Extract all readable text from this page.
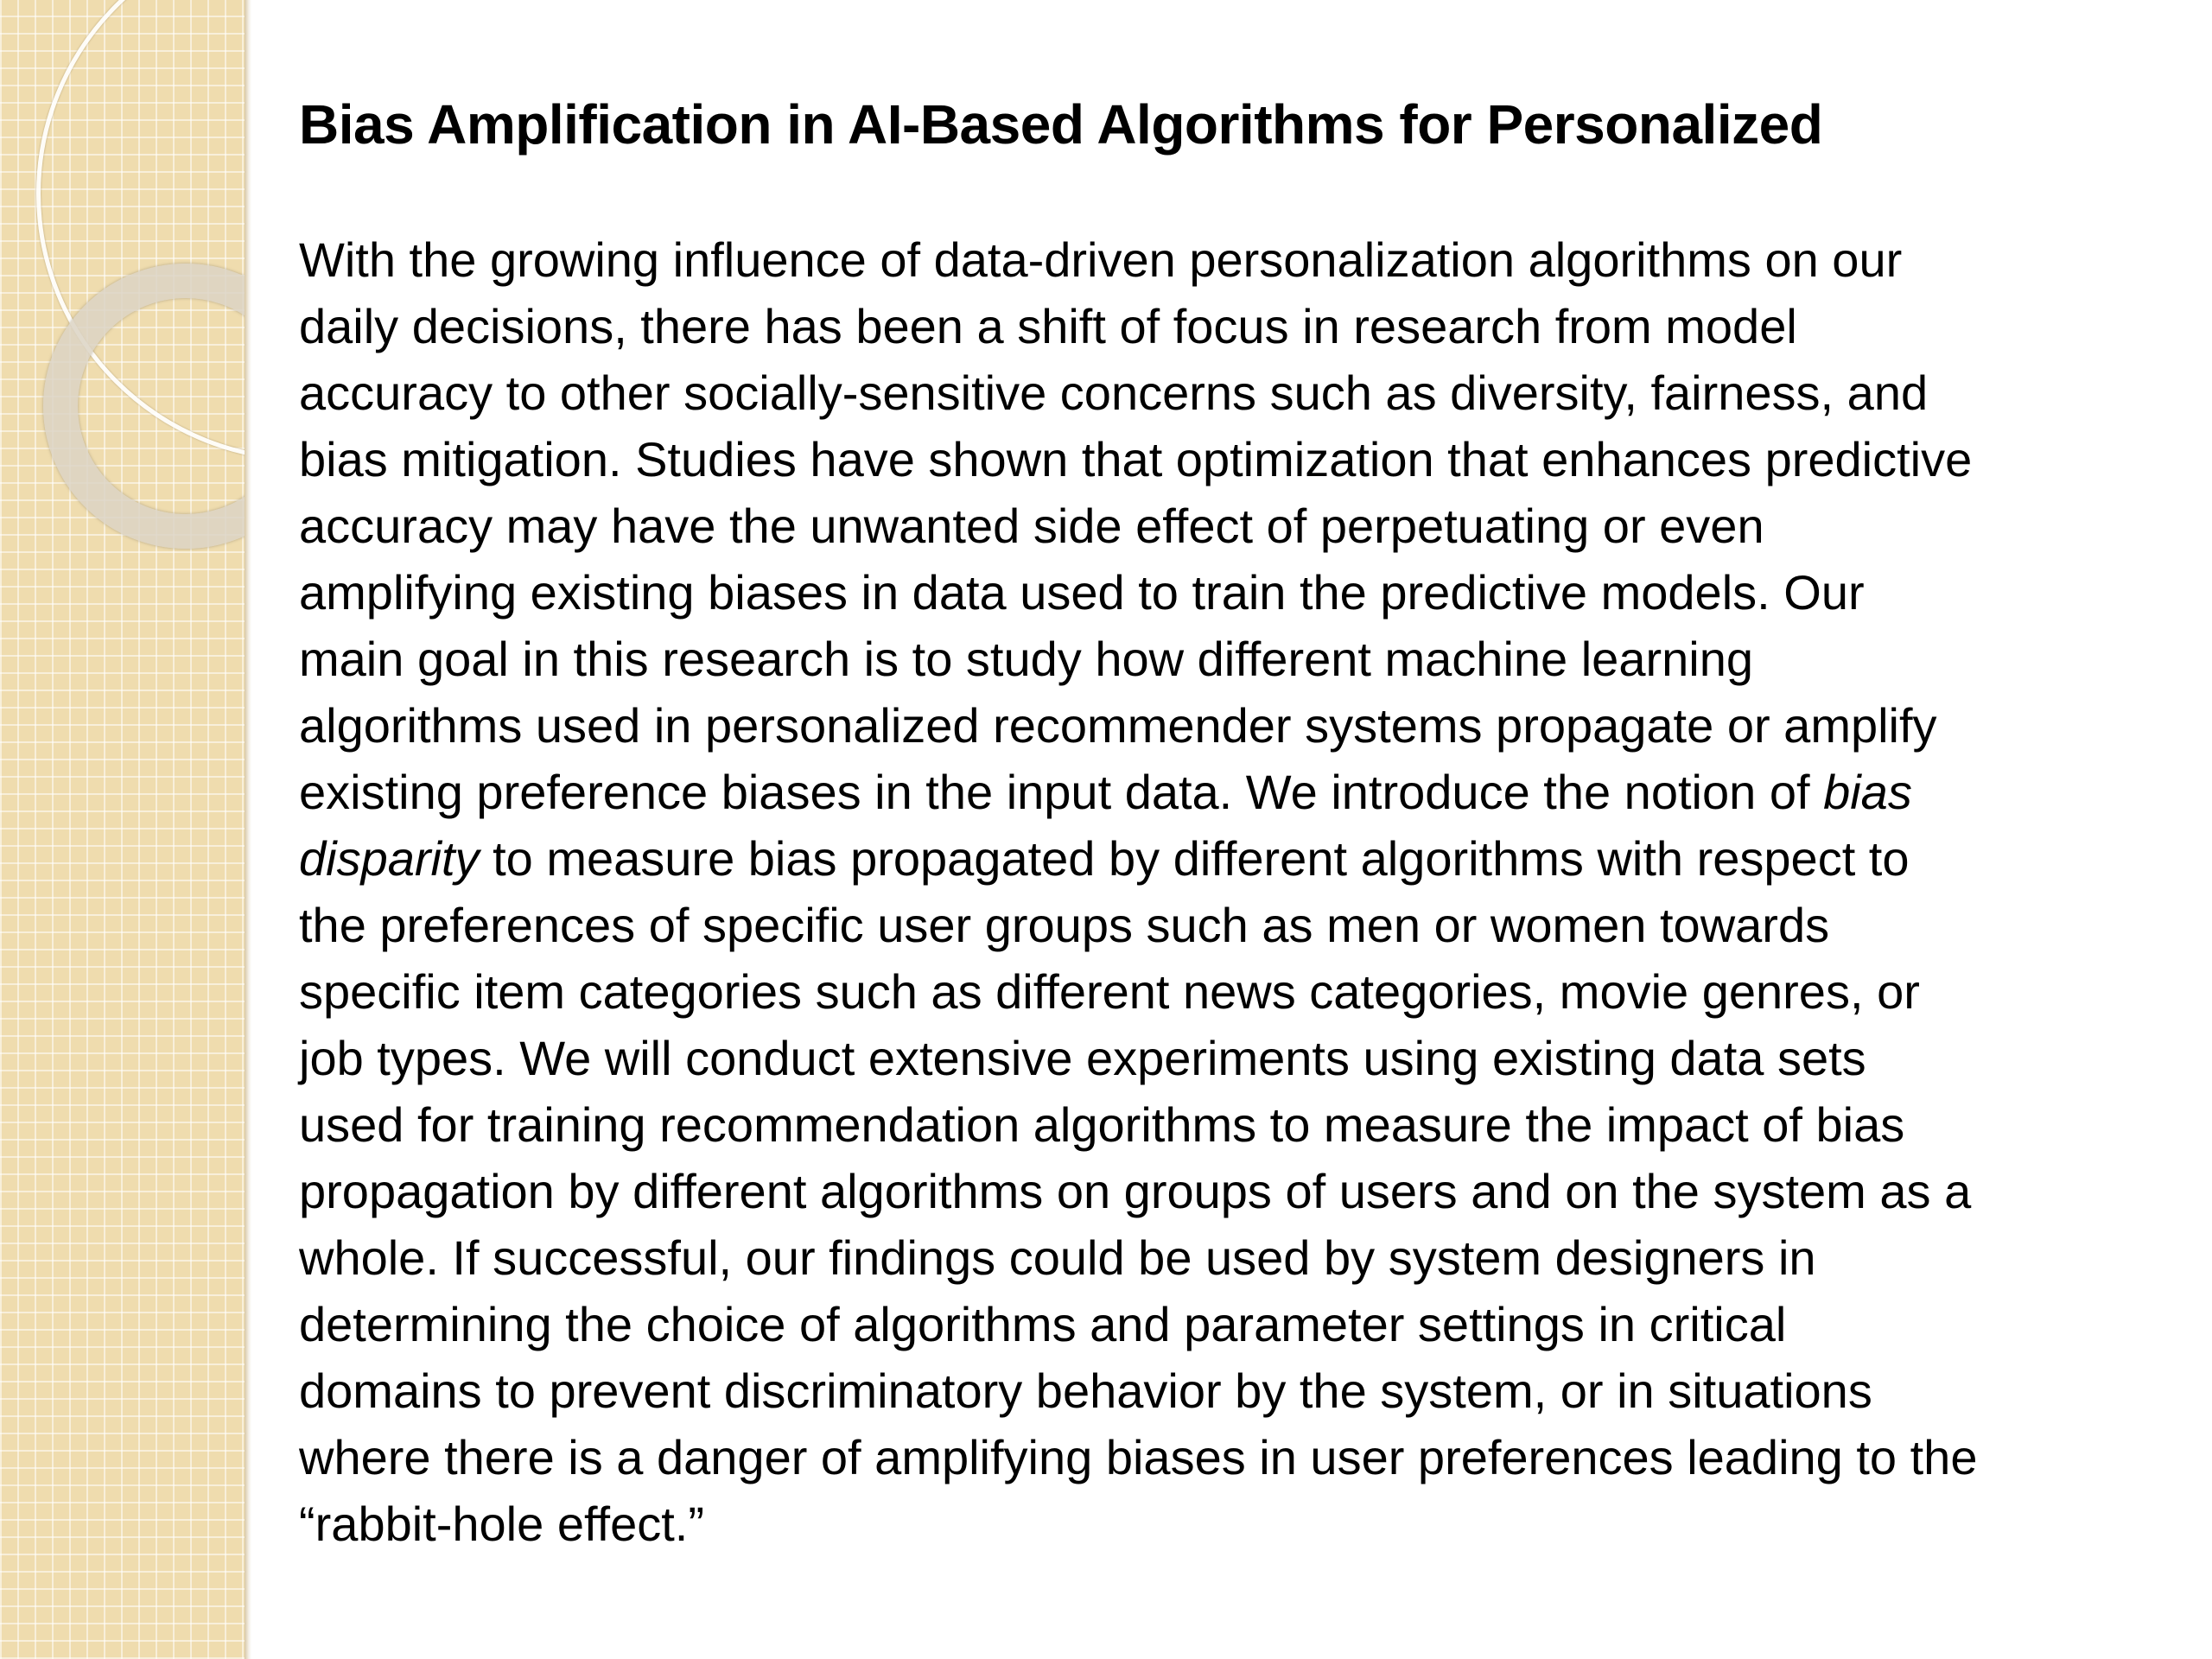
Bias Amplification in AI-Based Algorithms for Personalized
With the growing influence of data-driven personalization algorithms on our
daily decisions, there has been a shift of focus in research from model
accuracy to other socially-sensitive concerns such as diversity, fairness, and
bias mitigation. Studies have shown that optimization that enhances predictive
accuracy may have the unwanted side effect of perpetuating or even
amplifying existing biases in data used to train the predictive models. Our
main goal in this research is to study how different machine learning
algorithms used in personalized recommender systems propagate or amplify
existing preference biases in the input data. We introduce the notion of bias
disparity to measure bias propagated by different algorithms with respect to
the preferences of specific user groups such as men or women towards
specific item categories such as different news categories, movie genres, or
job types. We will conduct extensive experiments using existing data sets
used for training recommendation algorithms to measure the impact of bias
propagation by different algorithms on groups of users and on the system as a
whole. If successful, our findings could be used by system designers in
determining the choice of algorithms and parameter settings in critical
domains to prevent discriminatory behavior by the system, or in situations
where there is a danger of amplifying biases in user preferences leading to the
“rabbit-hole effect.”
